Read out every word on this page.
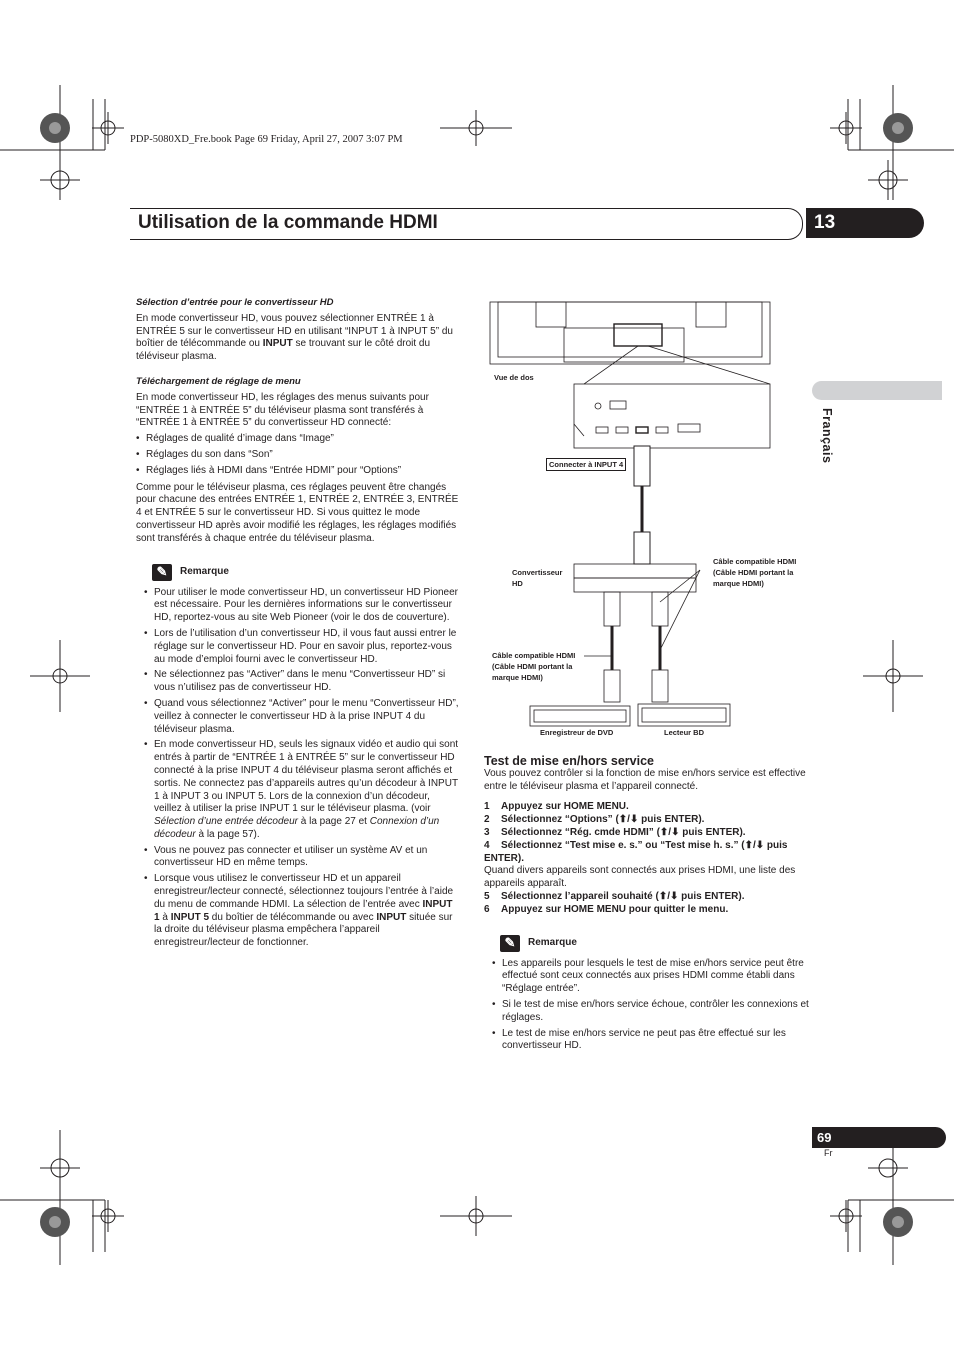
PDP-5080XD_Fre.book Page 69 Friday, April 27, 2007 3:07 PM
Utilisation de la commande HDMI	13
Français

Sélection d’entrée pour le convertisseur HD

En mode convertisseur HD, vous pouvez sélectionner ENTRÉE 1 à ENTRÉE 5 sur le convertisseur HD en utilisant “INPUT 1 à INPUT 5” du boîtier de télécommande ou INPUT se trouvant sur le côté droit du téléviseur plasma.

Téléchargement de réglage de menu

En mode convertisseur HD, les réglages des menus suivants pour “ENTRÉE 1 à ENTRÉE 5” du téléviseur plasma sont transférés à “ENTRÉE 1 à ENTRÉE 5” du convertisseur HD connecté:

• Réglages de qualité d’image dans “Image”
• Réglages du son dans “Son”
• Réglages liés à HDMI dans “Entrée HDMI” pour “Options”

Comme pour le téléviseur plasma, ces réglages peuvent être changés pour chacune des entrées ENTRÉE 1, ENTRÉE 2, ENTRÉE 3, ENTRÉE 4 et ENTRÉE 5 sur le convertisseur HD. Si vous quittez le mode convertisseur HD après avoir modifié les réglages, les réglages modifiés sont transférés à chaque entrée du téléviseur plasma.

✎	Remarque
• Pour utiliser le mode convertisseur HD, un convertisseur HD Pioneer est nécessaire. Pour les dernières informations sur le convertisseur HD, reportez-vous au site Web Pioneer (voir le dos de couverture).
• Lors de l’utilisation d’un convertisseur HD, il vous faut aussi entrer le réglage sur le convertisseur HD. Pour en savoir plus, reportez-vous au mode d’emploi fourni avec le convertisseur HD.
• Ne sélectionnez pas “Activer” dans le menu “Convertisseur HD” si vous n’utilisez pas de convertisseur HD.
• Quand vous sélectionnez “Activer” pour le menu “Convertisseur HD”, veillez à connecter le convertisseur HD à la prise INPUT 4 du téléviseur plasma.
• En mode convertisseur HD, seuls les signaux vidéo et audio qui sont entrés à partir de “ENTRÉE 1 à ENTRÉE 5” sur le convertisseur HD connecté à la prise INPUT 4 du téléviseur plasma seront affichés et sortis. Ne connectez pas d’appareils autres qu’un décodeur à INPUT 1 à INPUT 3 ou INPUT 5. Lors de la connexion d’un décodeur, veillez à utiliser la prise INPUT 1 sur le téléviseur plasma. (voir Sélection d’une entrée décodeur à la page 27 et Connexion d’un décodeur à la page 57).
• Vous ne pouvez pas connecter et utiliser un système AV et un convertisseur HD en même temps.
• Lorsque vous utilisez le convertisseur HD et un appareil enregistreur/lecteur connecté, sélectionnez toujours l’entrée à l’aide du menu de commande HDMI. La sélection de l’entrée avec INPUT 1 à INPUT 5 du boîtier de télécommande ou avec INPUT située sur la droite du téléviseur plasma empêchera l’appareil enregistreur/lecteur de fonctionner.
Vue de dos
Connecter à INPUT 4
Convertisseur
HD
Câble compatible HDMI
(Câble HDMI portant la
marque HDMI)
Câble compatible HDMI
(Câble HDMI portant la
marque HDMI)
Enregistreur de DVD	Lecteur BD

Test de mise en/hors service

Vous pouvez contrôler si la fonction de mise en/hors service est effective entre le téléviseur plasma et l’appareil connecté.

1 Appuyez sur HOME MENU.

2 Sélectionnez “Options” (⬆/⬇ puis ENTER).

3 Sélectionnez “Rég. cmde HDMI” (⬆/⬇ puis ENTER).

4 Sélectionnez “Test mise e. s.” ou “Test mise h. s.” (⬆/⬇ puis ENTER).

Quand divers appareils sont connectés aux prises HDMI, une liste des appareils apparaît.

5 Sélectionnez l’appareil souhaité (⬆/⬇ puis ENTER).

6 Appuyez sur HOME MENU pour quitter le menu.

✎	Remarque
• Les appareils pour lesquels le test de mise en/hors service peut être effectué sont ceux connectés aux prises HDMI comme établi dans “Réglage entrée”.
• Si le test de mise en/hors service échoue, contrôler les connexions et réglages.
• Le test de mise en/hors service ne peut pas être effectué sur les convertisseur HD.
69
Fr
